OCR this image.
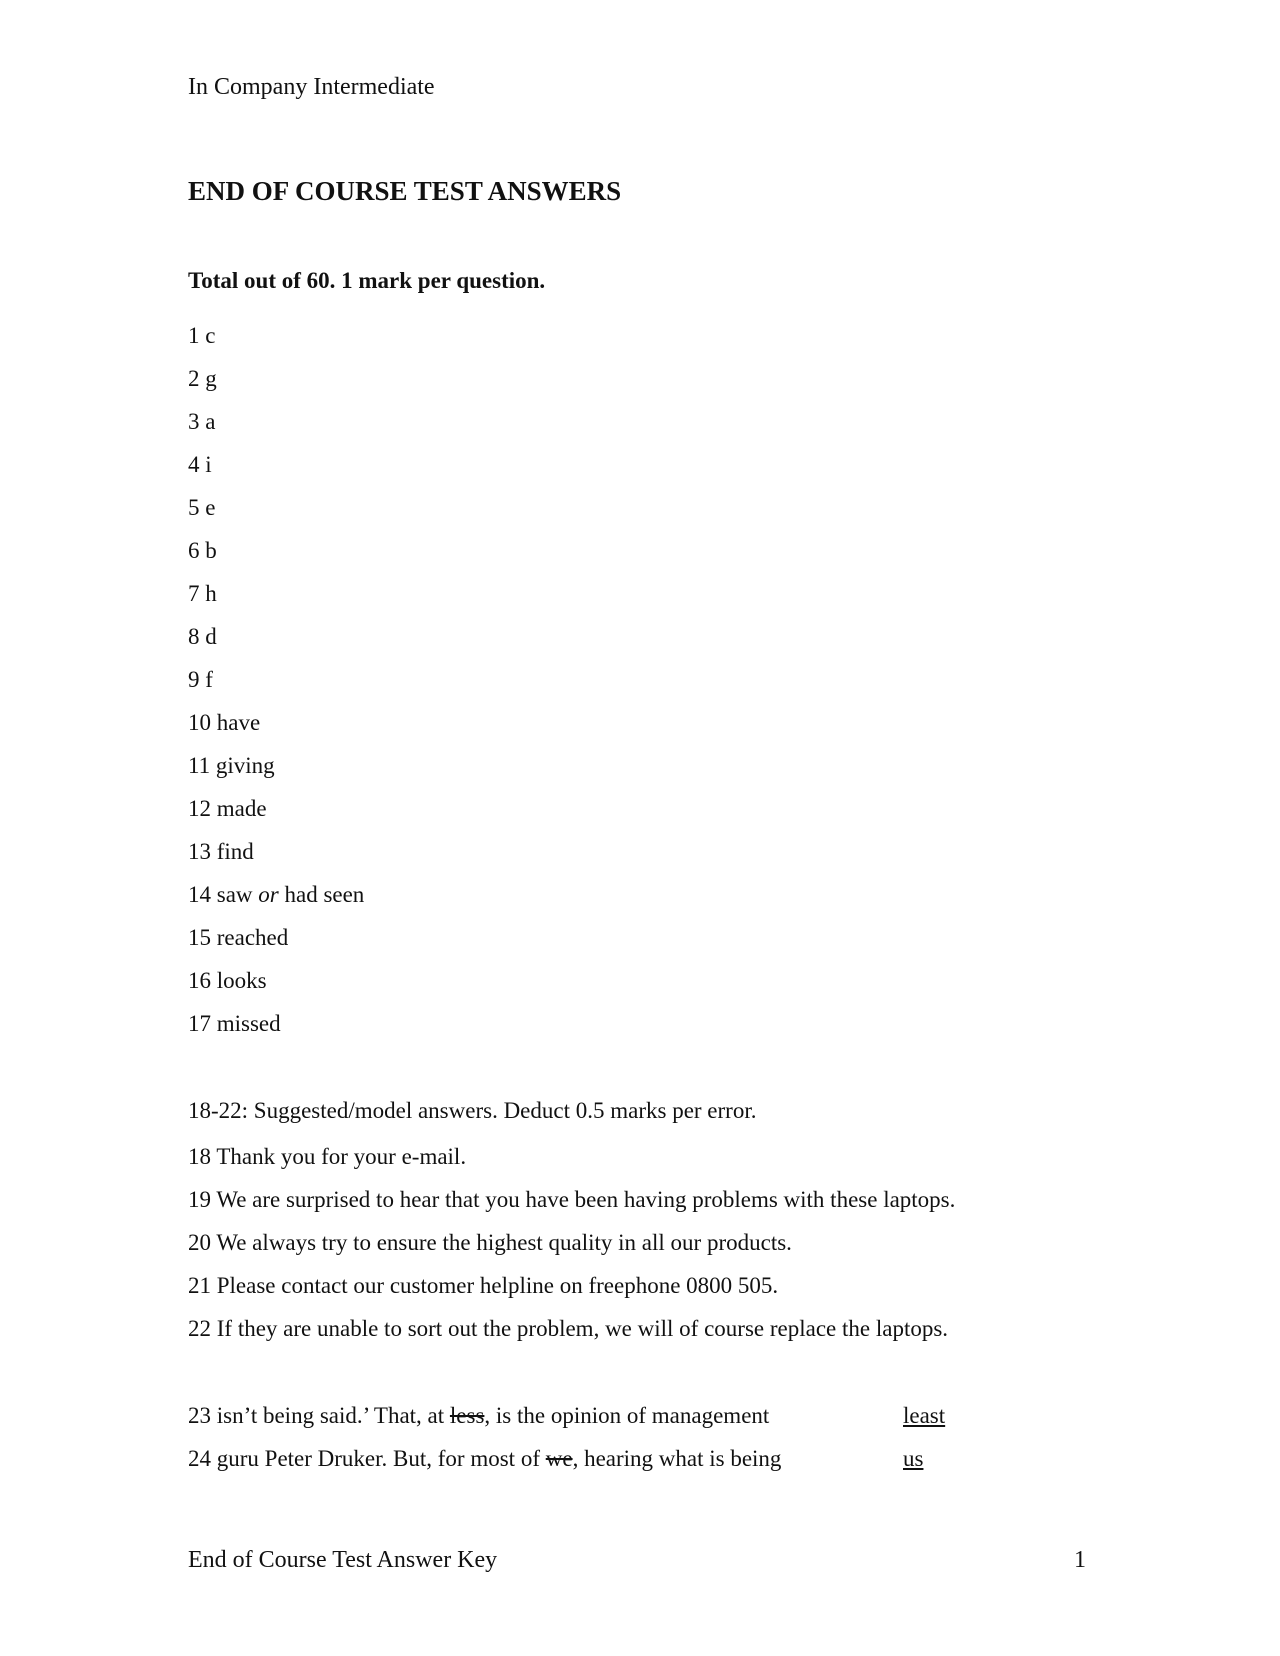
In Company Intermediate
END OF COURSE TEST ANSWERS
Total out of 60. 1 mark per question.
1 c
2 g
3 a
4 i
5 e
6 b
7 h
8 d
9 f
10 have
11 giving
12 made
13 find
14 saw or had seen
15 reached
16 looks
17 missed
18-22: Suggested/model answers. Deduct 0.5 marks per error.
18 Thank you for your e-mail.
19 We are surprised to hear that you have been having problems with these laptops.
20 We always try to ensure the highest quality in all our products.
21 Please contact our customer helpline on freephone 0800 505.
22 If they are unable to sort out the problem, we will of course replace the laptops.
23 isn’t being said.’ That, at less, is the opinion of management	least
24 guru Peter Druker. But, for most of we, hearing what is being	us
End of Course Test Answer Key	1
